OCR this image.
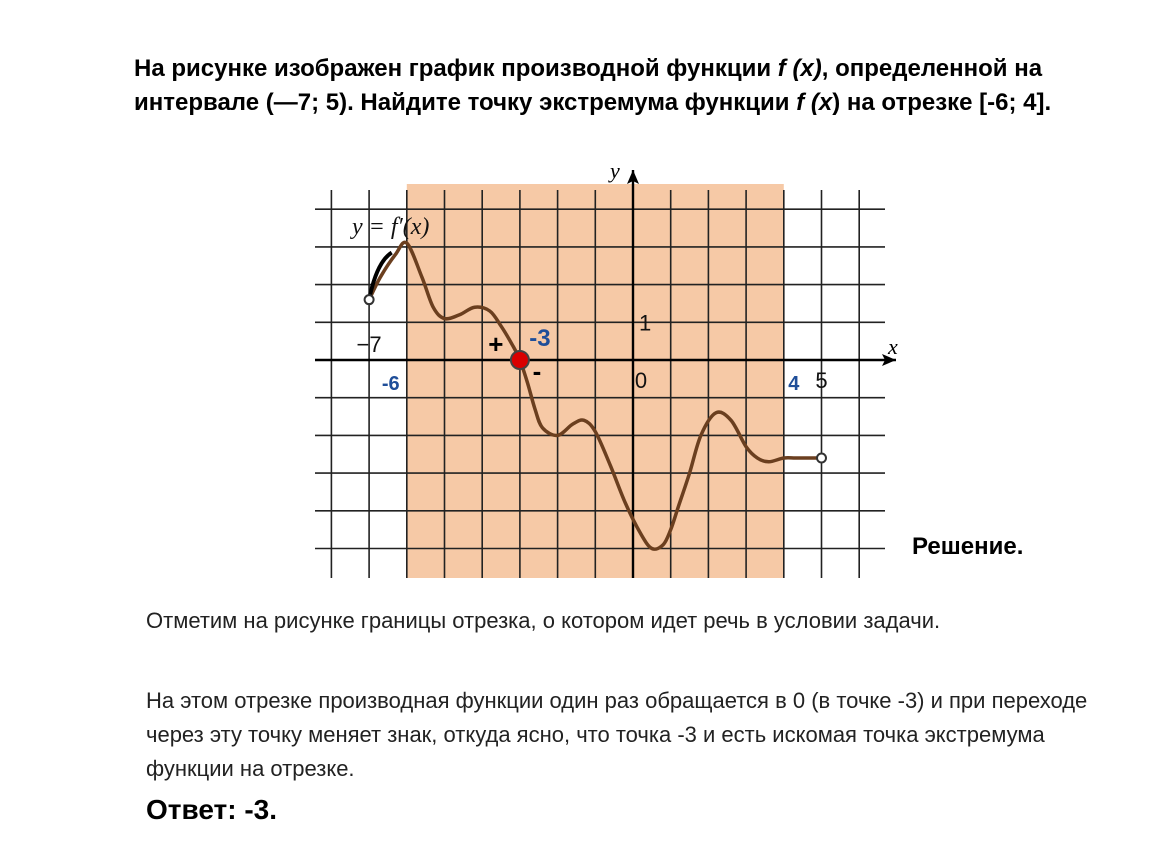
На рисунке изображен график производной функции f (x), определенной на интервале (—7; 5). Найдите точку экстремума функции f (x) на отрезке [-6; 4].

x
y
−7
0	5
1
y = f′(x)
-6	4
-3
+
-
Решение.

Отметим на рисунке границы отрезка, о котором идет речь в условии задачи.

На этом отрезке производная функции один раз обращается в 0 (в точке -3) и при переходе через эту точку меняет знак, откуда ясно, что точка -3 и есть искомая точка экстремума функции на отрезке.

Ответ: -3.
